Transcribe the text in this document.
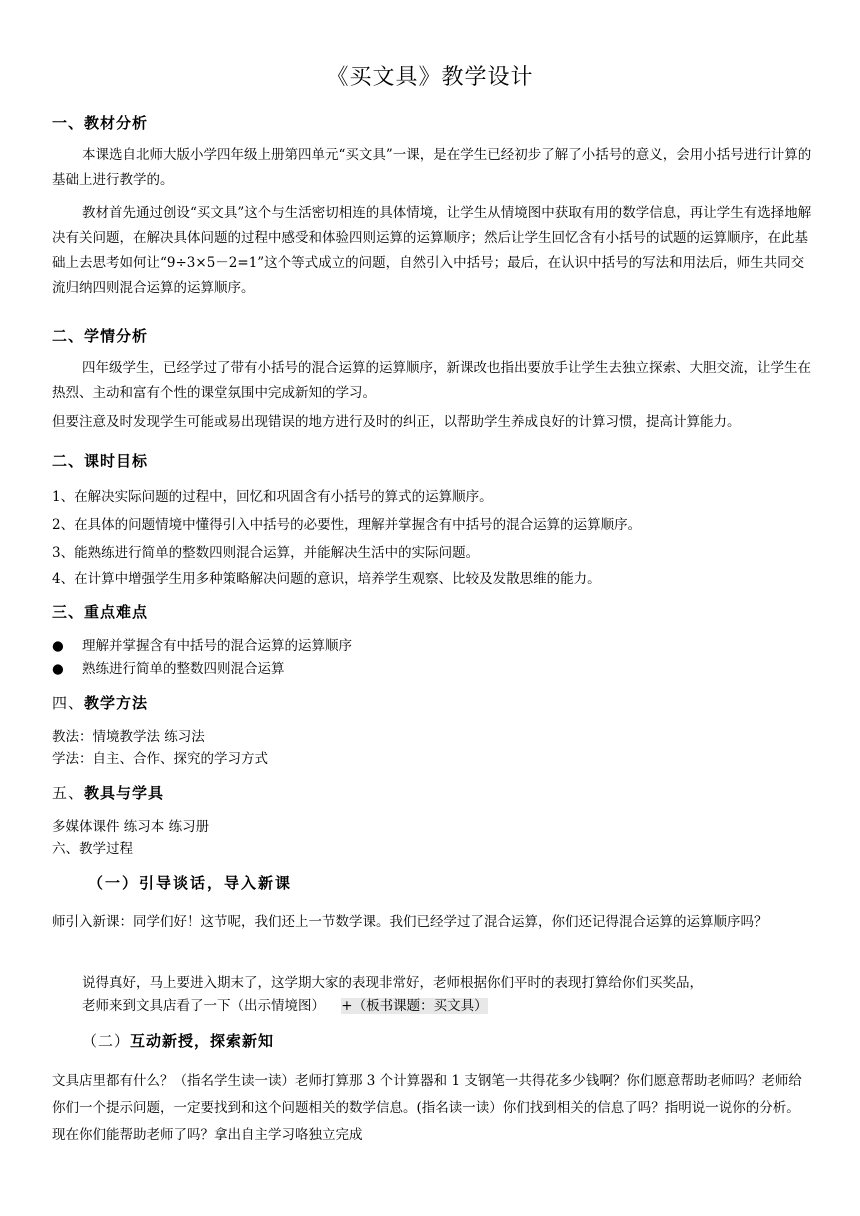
《买文具》教学设计
一、教材分析
本课选自北师大版小学四年级上册第四单元“买文具”一课，是在学生已经初步了解了小括号的意义，会用小括号进行计算的基础上进行教学的。
教材首先通过创设“买文具”这个与生活密切相连的具体情境，让学生从情境图中获取有用的数学信息，再让学生有选择地解决有关问题，在解决具体问题的过程中感受和体验四则运算的运算顺序；然后让学生回忆含有小括号的试题的运算顺序，在此基础上去思考如何让“9÷3×5－2=1”这个等式成立的问题，自然引入中括号；最后，在认识中括号的写法和用法后，师生共同交流归纳四则混合运算的运算顺序。
二、学情分析
四年级学生，已经学过了带有小括号的混合运算的运算顺序，新课改也指出要放手让学生去独立探索、大胆交流，让学生在热烈、主动和富有个性的课堂氛围中完成新知的学习。
但要注意及时发现学生可能或易出现错误的地方进行及时的纠正，以帮助学生养成良好的计算习惯，提高计算能力。
二、课时目标
1、在解决实际问题的过程中，回忆和巩固含有小括号的算式的运算顺序。
2、在具体的问题情境中懂得引入中括号的必要性，理解并掌握含有中括号的混合运算的运算顺序。
3、能熟练进行简单的整数四则混合运算，并能解决生活中的实际问题。
4、在计算中增强学生用多种策略解决问题的意识，培养学生观察、比较及发散思维的能力。
三、重点难点
● 理解并掌握含有中括号的混合运算的运算顺序
● 熟练进行简单的整数四则混合运算
四、教学方法
教法：情境教学法 练习法
学法：自主、合作、探究的学习方式
五、教具与学具
多媒体课件 练习本 练习册
六、教学过程
（一）引导谈话，导入新课
师引入新课：同学们好！这节呢，我们还上一节数学课。我们已经学过了混合运算，你们还记得混合运算的运算顺序吗？
说得真好，马上要进入期末了，这学期大家的表现非常好，老师根据你们平时的表现打算给你们买奖品，
老师来到文具店看了一下（出示情境图） +（板书课题：买文具）
（二）互动新授，探索新知
文具店里都有什么？（指名学生读一读）老师打算那 3 个计算器和 1 支钢笔一共得花多少钱啊？你们愿意帮助老师吗？老师给你们一个提示问题，一定要找到和这个问题相关的数学信息。(指名读一读）你们找到相关的信息了吗？指明说一说你的分析。现在你们能帮助老师了吗？拿出自主学习咯独立完成
